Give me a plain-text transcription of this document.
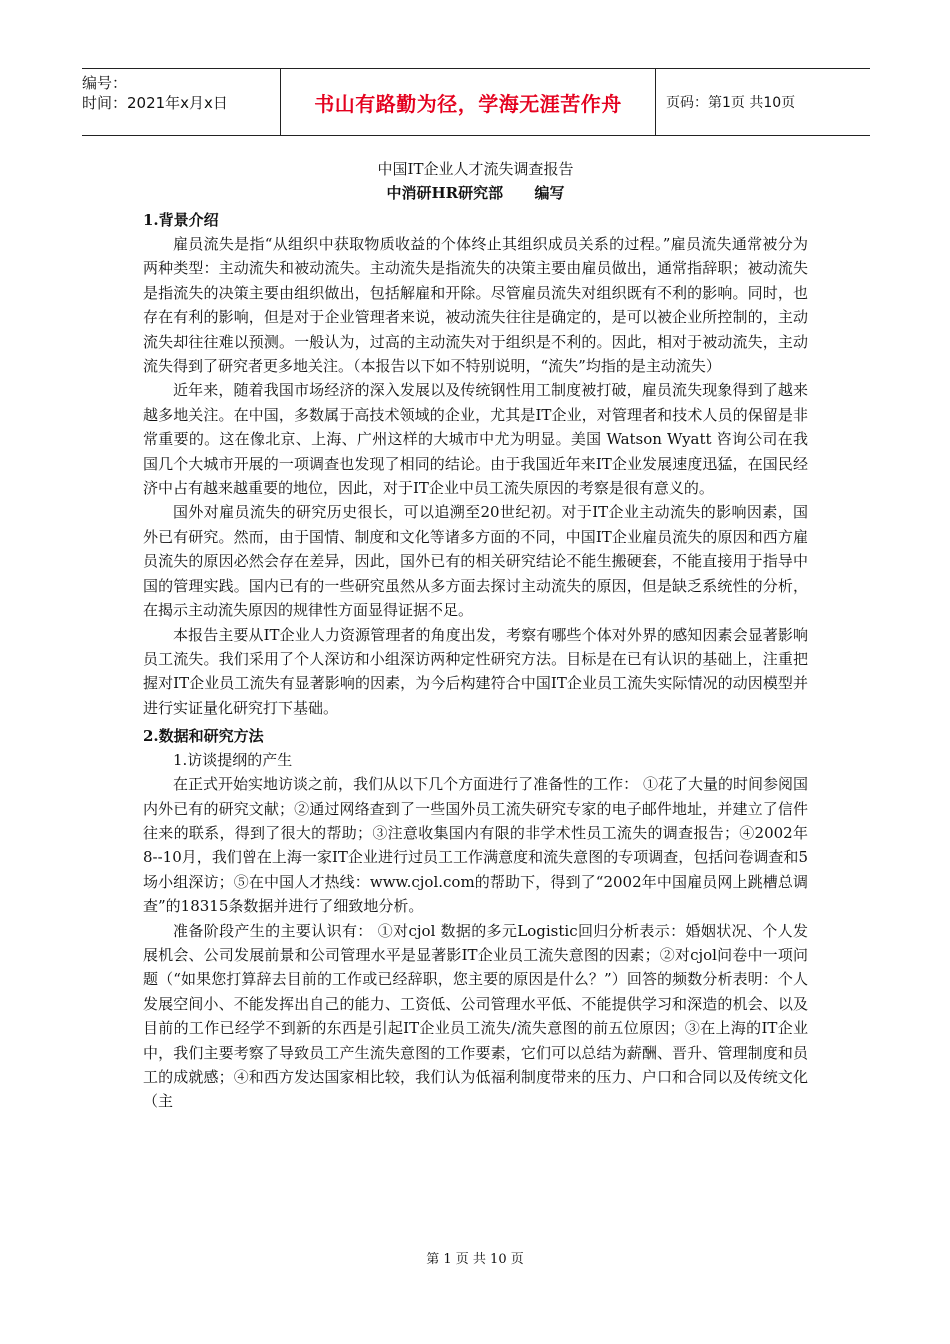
编号：
时间：2021年x月x日	书山有路勤为径，学海无涯苦作舟	页码：第1页 共10页
中国IT企业人才流失调查报告
中消研HR研究部      编写
1.背景介绍

雇员流失是指“从组织中获取物质收益的个体终止其组织成员关系的过程。”雇员流失通常被分为两种类型：主动流失和被动流失。主动流失是指流失的决策主要由雇员做出，通常指辞职；被动流失是指流失的决策主要由组织做出，包括解雇和开除。尽管雇员流失对组织既有不利的影响。同时，也存在有利的影响，但是对于企业管理者来说，被动流失往往是确定的，是可以被企业所控制的，主动流失却往往难以预测。一般认为，过高的主动流失对于组织是不利的。因此，相对于被动流失，主动流失得到了研究者更多地关注。（本报告以下如不特别说明，“流失”均指的是主动流失）

近年来，随着我国市场经济的深入发展以及传统钢性用工制度被打破，雇员流失现象得到了越来越多地关注。在中国，多数属于高技术领域的企业，尤其是IT企业，对管理者和技术人员的保留是非常重要的。这在像北京、上海、广州这样的大城市中尤为明显。美国 Watson Wyatt 咨询公司在我国几个大城市开展的一项调查也发现了相同的结论。由于我国近年来IT企业发展速度迅猛，在国民经济中占有越来越重要的地位，因此，对于IT企业中员工流失原因的考察是很有意义的。

国外对雇员流失的研究历史很长，可以追溯至20世纪初。对于IT企业主动流失的影响因素，国外已有研究。然而，由于国情、制度和文化等诸多方面的不同，中国IT企业雇员流失的原因和西方雇员流失的原因必然会存在差异，因此，国外已有的相关研究结论不能生搬硬套，不能直接用于指导中国的管理实践。国内已有的一些研究虽然从多方面去探讨主动流失的原因，但是缺乏系统性的分析，在揭示主动流失原因的规律性方面显得证据不足。

本报告主要从IT企业人力资源管理者的角度出发，考察有哪些个体对外界的感知因素会显著影响员工流失。我们采用了个人深访和小组深访两种定性研究方法。目标是在已有认识的基础上，注重把握对IT企业员工流失有显著影响的因素，为今后构建符合中国IT企业员工流失实际情况的动因模型并进行实证量化研究打下基础。

2.数据和研究方法
1.访谈提纲的产生

在正式开始实地访谈之前，我们从以下几个方面进行了准备性的工作： ①花了大量的时间参阅国内外已有的研究文献；②通过网络查到了一些国外员工流失研究专家的电子邮件地址，并建立了信件往来的联系，得到了很大的帮助；③注意收集国内有限的非学术性员工流失的调查报告；④2002年8--10月，我们曾在上海一家IT企业进行过员工工作满意度和流失意图的专项调查，包括问卷调查和5场小组深访；⑤在中国人才热线：www.cjol.com的帮助下，得到了“2002年中国雇员网上跳槽总调查”的18315条数据并进行了细致地分析。

准备阶段产生的主要认识有： ①对cjol 数据的多元Logistic回归分析表示：婚姻状况、个人发展机会、公司发展前景和公司管理水平是显著影IT企业员工流失意图的因素；②对cjol问卷中一项问题（“如果您打算辞去目前的工作或已经辞职，您主要的原因是什么？”）回答的频数分析表明：个人发展空间小、不能发挥出自己的能力、工资低、公司管理水平低、不能提供学习和深造的机会、以及目前的工作已经学不到新的东西是引起IT企业员工流失/流失意图的前五位原因；③在上海的IT企业中，我们主要考察了导致员工产生流失意图的工作要素，它们可以总结为薪酬、晋升、管理制度和员工的成就感；④和西方发达国家相比较，我们认为低福利制度带来的压力、户口和合同以及传统文化（主

第 1 页 共 10 页
